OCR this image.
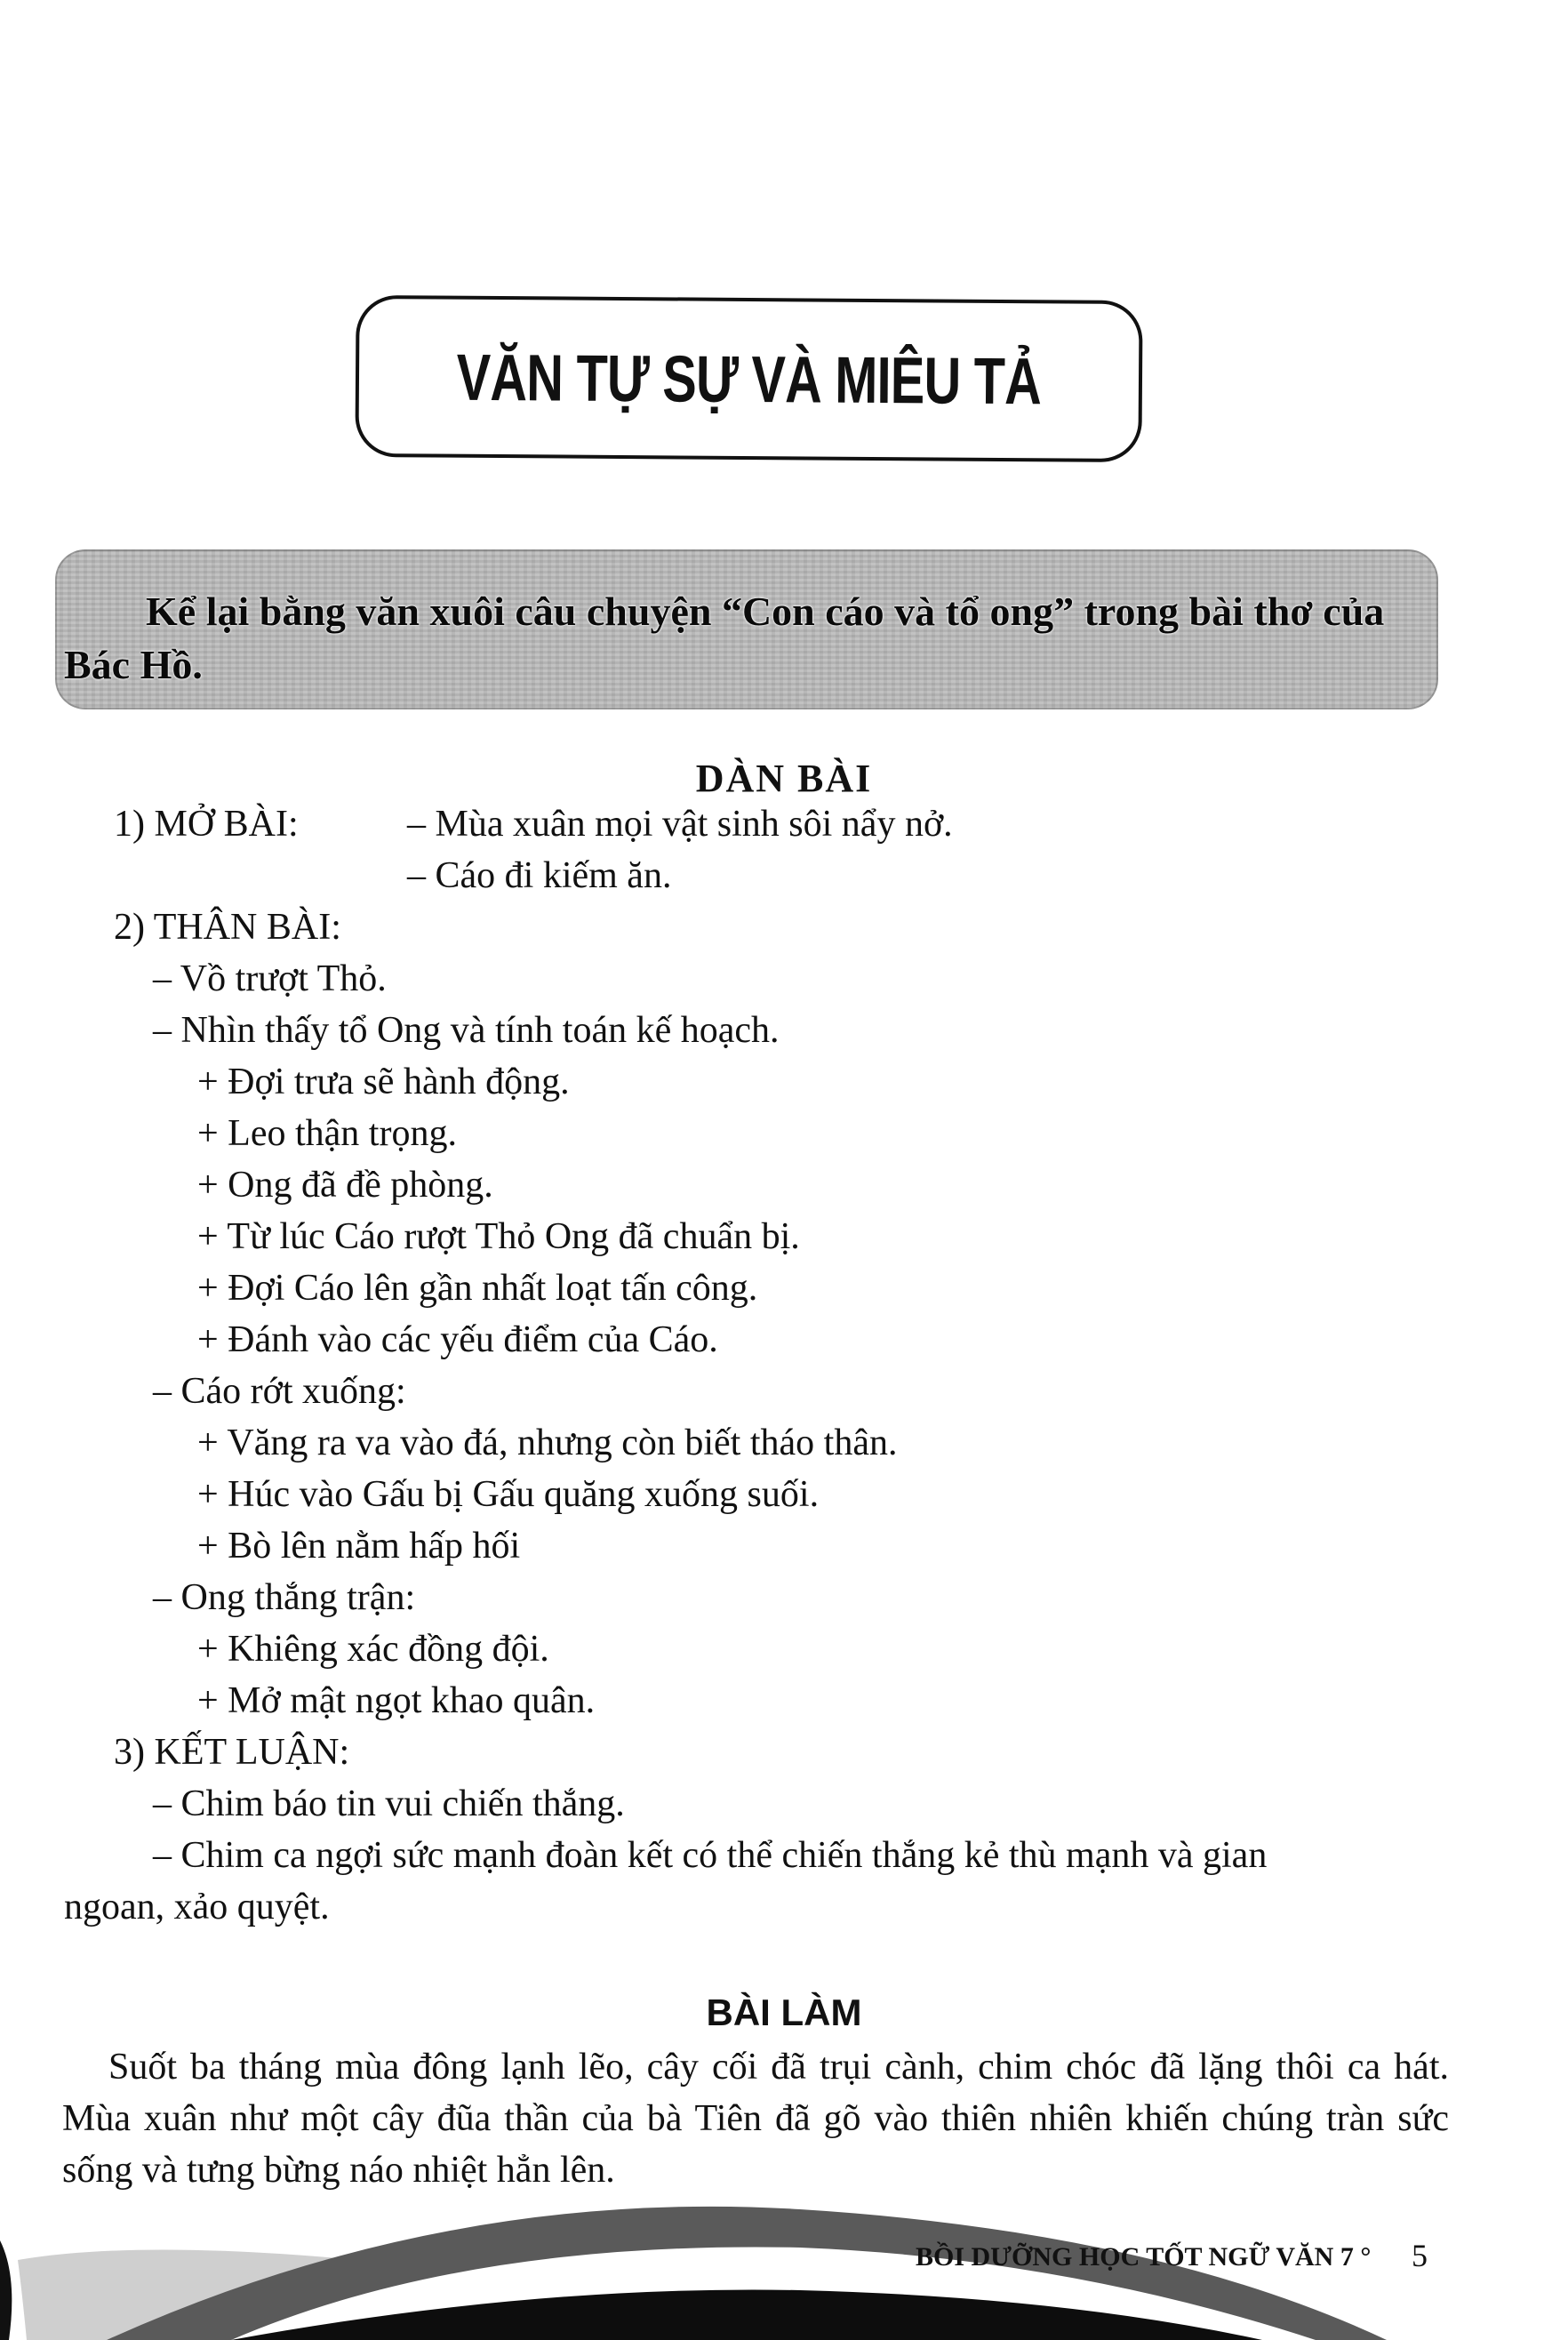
VĂN TỰ SỰ VÀ MIÊU TẢ
Kể lại bằng văn xuôi câu chuyện “Con cáo và tổ ong” trong bài thơ của Bác Hồ.
DÀN BÀI
1) MỞ BÀI:	– Mùa xuân mọi vật sinh sôi nẩy nở.
– Cáo đi kiếm ăn.
2) THÂN BÀI:
– Vồ trượt Thỏ.
– Nhìn thấy tổ Ong và tính toán kế hoạch.
+ Đợi trưa sẽ hành động.
+ Leo thận trọng.
+ Ong đã đề phòng.
+ Từ lúc Cáo rượt Thỏ Ong đã chuẩn bị.
+ Đợi Cáo lên gần nhất loạt tấn công.
+ Đánh vào các yếu điểm của Cáo.
– Cáo rớt xuống:
+ Văng ra va vào đá, nhưng còn biết tháo thân.
+ Húc vào Gấu bị Gấu quăng xuống suối.
+ Bò lên nằm hấp hối
– Ong thắng trận:
+ Khiêng xác đồng đội.
+ Mở mật ngọt khao quân.
3) KẾT LUẬN:
– Chim báo tin vui chiến thắng.
– Chim ca ngợi sức mạnh đoàn kết có thể chiến thắng kẻ thù mạnh và gian
ngoan, xảo quyệt.
BÀI LÀM
Suốt ba tháng mùa đông lạnh lẽo, cây cối đã trụi cành, chim chóc đã lặng thôi ca hát. Mùa xuân như một cây đũa thần của bà Tiên đã gõ vào thiên nhiên khiến chúng tràn sức sống và tưng bừng náo nhiệt hẳn lên.
BỒI DƯỠNG HỌC TỐT NGỮ VĂN 7 ° 5
